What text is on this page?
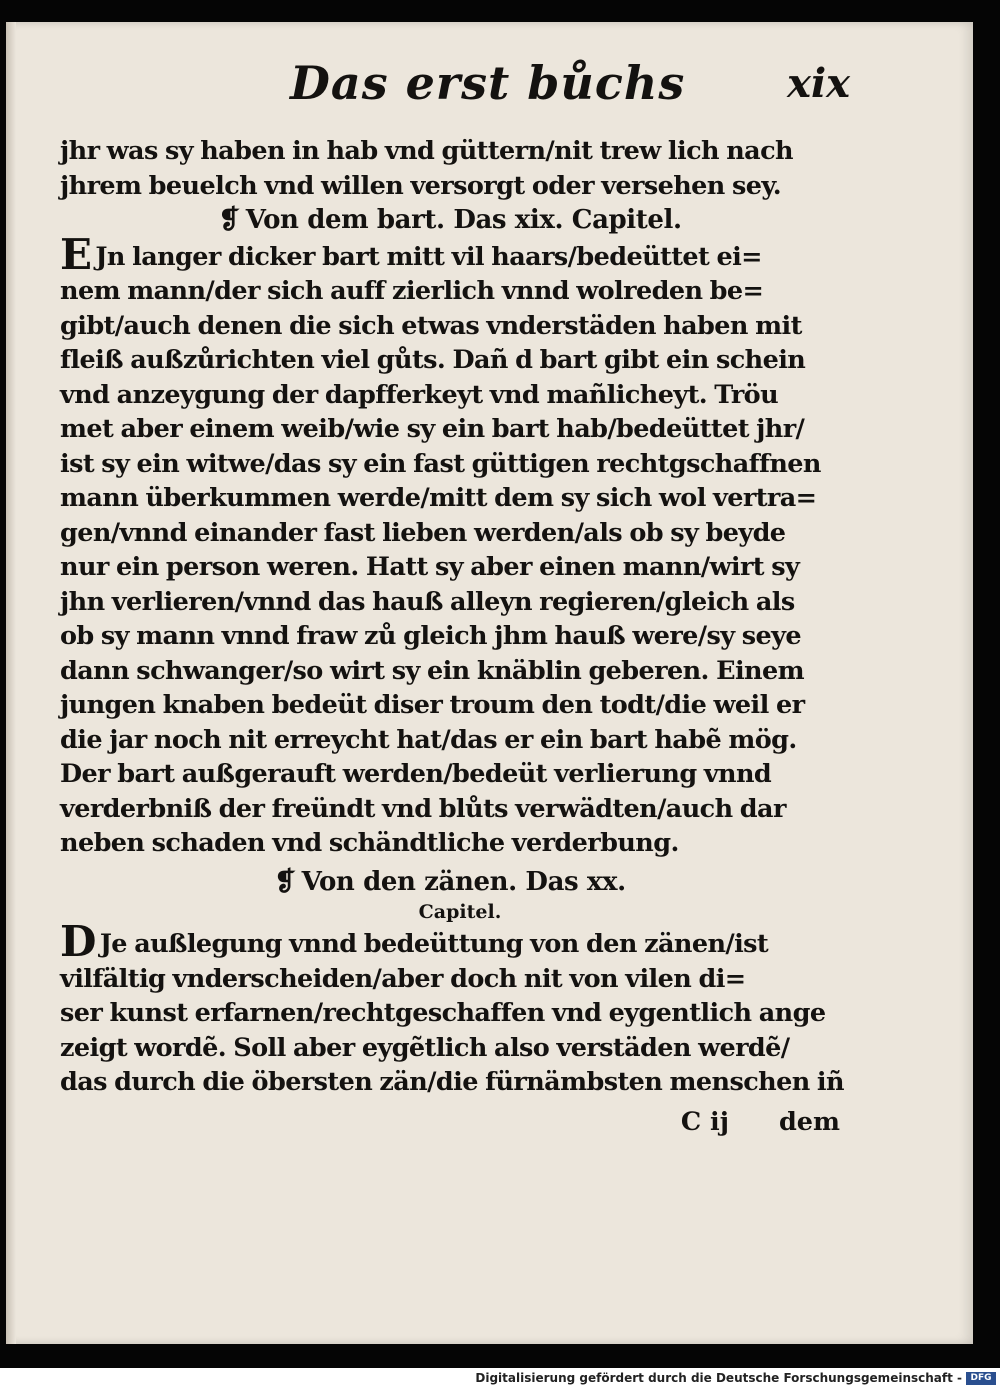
Das erst bůchs	xix
jhr was sy haben in hab vnd güttern/nit trew lich nach
jhrem beuelch vnd willen versorgt oder versehen sey.
❡ Von dem bart. Das xix. Capitel.
E Jn langer dicker bart mitt vil haars/bedeüttet ei=
nem mann/der sich auff zierlich vnnd wolreden be=
gibt/auch denen die sich etwas vnderstäden haben mit
fleiß außzůrichten viel gůts. Dañ d bart gibt ein schein
vnd anzeygung der dapfferkeyt vnd mañlicheyt. Tröu
met aber einem weib/wie sy ein bart hab/bedeüttet jhr/
ist sy ein witwe/das sy ein fast güttigen rechtgschaffnen
mann überkummen werde/mitt dem sy sich wol vertra=
gen/vnnd einander fast lieben werden/als ob sy beyde
nur ein person weren. Hatt sy aber einen mann/wirt sy
jhn verlieren/vnnd das hauß alleyn regieren/gleich als
ob sy mann vnnd fraw zů gleich jhm hauß were/sy seye
dann schwanger/so wirt sy ein knäblin geberen. Einem
jungen knaben bedeüt diser troum den todt/die weil er
die jar noch nit erreycht hat/das er ein bart habẽ mög.
Der bart außgerauft werden/bedeüt verlierung vnnd
verderbniß der freündt vnd blůts verwädten/auch dar
neben schaden vnd schändtliche verderbung.
❡ Von den zänen. Das xx.
Capitel.
D Je außlegung vnnd bedeüttung von den zänen/ist
vilfältig vnderscheiden/aber doch nit von vilen di=
ser kunst erfarnen/rechtgeschaffen vnd eygentlich ange
zeigt wordẽ. Soll aber eygẽtlich also verstäden werdẽ/
das durch die öbersten zän/die fürnämbsten menschen iñ
C ij dem
Digitalisierung gefördert durch die Deutsche Forschungsgemeinschaft - DFG
